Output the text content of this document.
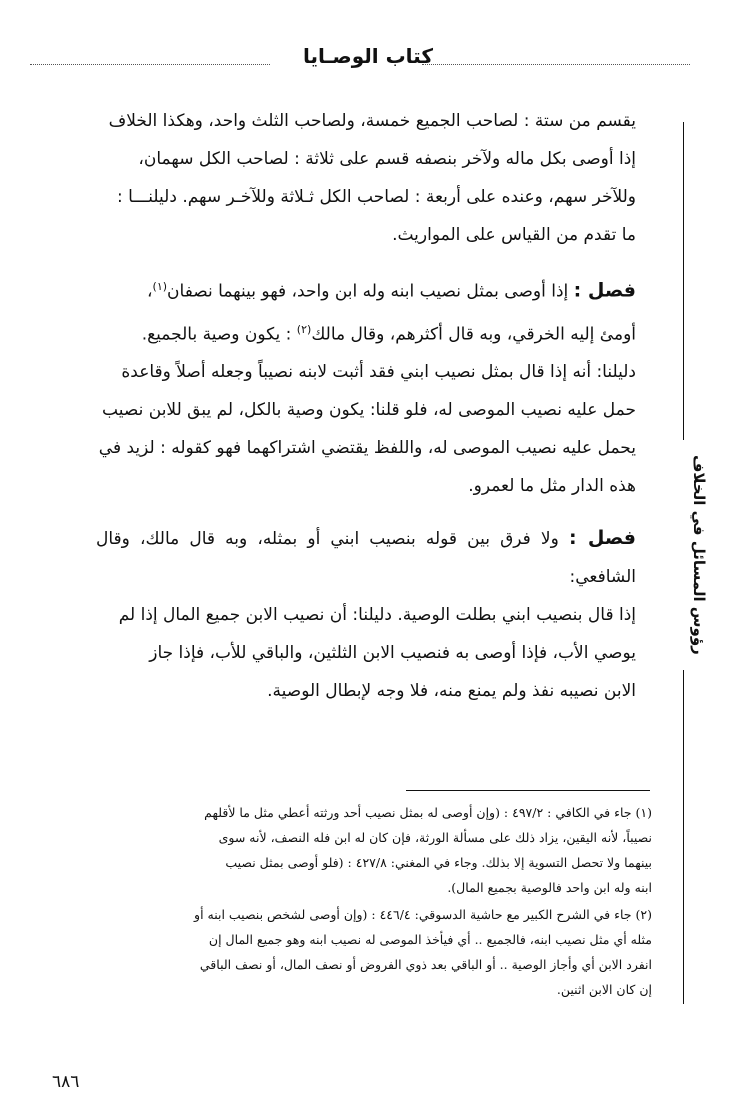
كتاب الوصـايا
رؤوس المسائل في الخلاف
يقسم من ستة : لصاحب الجميع خمسة، ولصاحب الثلث واحد، وهكذا الخلاف
إذا أوصى بكل ماله ولآخر بنصفه قسم على ثلاثة : لصاحب الكل سهمان،
وللآخر سهم، وعنده على أربعة : لصاحب الكل ثـلاثة وللآخـر سهم. دليلنـــا :
ما تقدم من القياس على المواريث.
فصل : إذا أوصى بمثل نصيب ابنه وله ابن واحد، فهو بينهما نصفان$^{(١)}$،
أومئ إليه الخرقي، وبه قال أكثرهم، وقال مالك$^{(٢)}$ : يكون وصية بالجميع.
دليلنا: أنه إذا قال بمثل نصيب ابني فقد أثبت لابنه نصيباً وجعله أصلاً وقاعدة
حمل عليه نصيب الموصى له، فلو قلنا: يكون وصية بالكل، لم يبق للابن نصيب
يحمل عليه نصيب الموصى له، واللفظ يقتضي اشتراكهما فهو كقوله : لزيد في
هذه الدار مثل ما لعمرو.
فصل : ولا فرق بين قوله بنصيب ابني أو بمثله، وبه قال مالك، وقال الشافعي:
إذا قال بنصيب ابني بطلت الوصية. دليلنا: أن نصيب الابن جميع المال إذا لم
يوصي الأب، فإذا أوصى به فنصيب الابن الثلثين، والباقي للأب، فإذا جاز
الابن نصيبه نفذ ولم يمنع منه، فلا وجه لإبطال الوصية.
(١) جاء في الكافي : ٤٩٧/٢ : (وإن أوصى له بمثل نصيب أحد ورثته أعطي مثل ما لأقلهم
نصيباً، لأنه اليقين، يزاد ذلك على مسألة الورثة، فإن كان له ابن فله النصف، لأنه سوى
بينهما ولا تحصل التسوية إلا بذلك. وجاء في المغني: ٤٢٧/٨ : (فلو أوصى بمثل نصيب
ابنه وله ابن واحد فالوصية بجميع المال).
(٢) جاء في الشرح الكبير مع حاشية الدسوقي: ٤٤٦/٤ : (وإن أوصى لشخص بنصيب ابنه أو
مثله أي مثل نصيب ابنه، فالجميع .. أي فيأخذ الموصى له نصيب ابنه وهو جميع المال إن
انفرد الابن أي وأجاز الوصية .. أو الباقي بعد ذوي الفروض أو نصف المال، أو نصف الباقي
إن كان الابن اثنين.
٦٨٦
